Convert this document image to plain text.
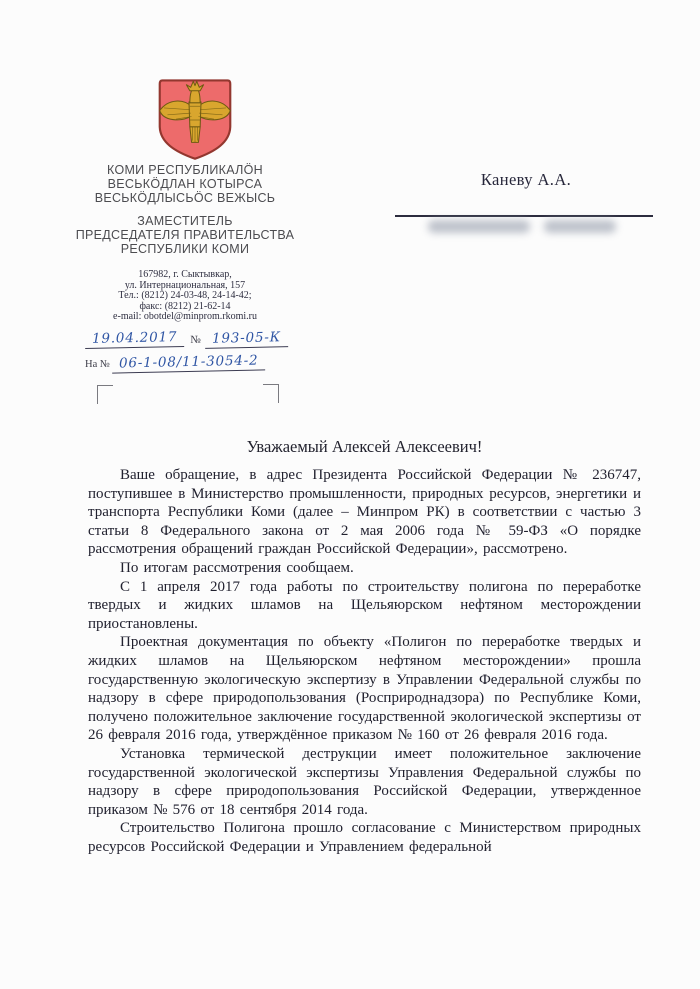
КОМИ РЕСПУБЛИКАЛÖН
ВЕСЬКÖДЛАН КОТЫРСА
ВЕСЬКÖДЛЫСЬÖС ВЕЖЫСЬ
ЗАМЕСТИТЕЛЬ
ПРЕДСЕДАТЕЛЯ ПРАВИТЕЛЬСТВА
РЕСПУБЛИКИ КОМИ
167982, г. Сыктывкар,
ул. Интернациональная, 157
Тел.: (8212) 24-03-48, 24-14-42;
факс: (8212) 21-62-14
e-mail: obotdel@minprom.rkomi.ru
19.04.2017	№ 193-05-К
На № 06-1-08/11-3054-2
Каневу А.А.
Уважаемый Алексей Алексеевич!

Ваше обращение, в адрес Президента Российской Федерации № 236747, поступившее в Министерство промышленности, природных ресурсов, энергетики и транспорта Республики Коми (далее – Минпром РК) в соответствии с частью 3 статьи 8 Федерального закона от 2 мая 2006 года № 59-ФЗ «О порядке рассмотрения обращений граждан Российской Федерации», рассмотрено.

По итогам рассмотрения сообщаем.

С 1 апреля 2017 года работы по строительству полигона по переработке твердых и жидких шламов на Щельяюрском нефтяном месторождении приостановлены.

Проектная документация по объекту «Полигон по переработке твердых и жидких шламов на Щельяюрском нефтяном месторождении» прошла государственную экологическую экспертизу в Управлении Федеральной службы по надзору в сфере природопользования (Росприроднадзора) по Республике Коми, получено положительное заключение государственной экологической экспертизы от 26 февраля 2016 года, утверждённое приказом № 160 от 26 февраля 2016 года.

Установка термической деструкции имеет положительное заключение государственной экологической экспертизы Управления Федеральной службы по надзору в сфере природопользования Российской Федерации, утвержденное приказом № 576 от 18 сентября 2014 года.

Строительство Полигона прошло согласование с Министерством природных ресурсов Российской Федерации и Управлением федеральной
